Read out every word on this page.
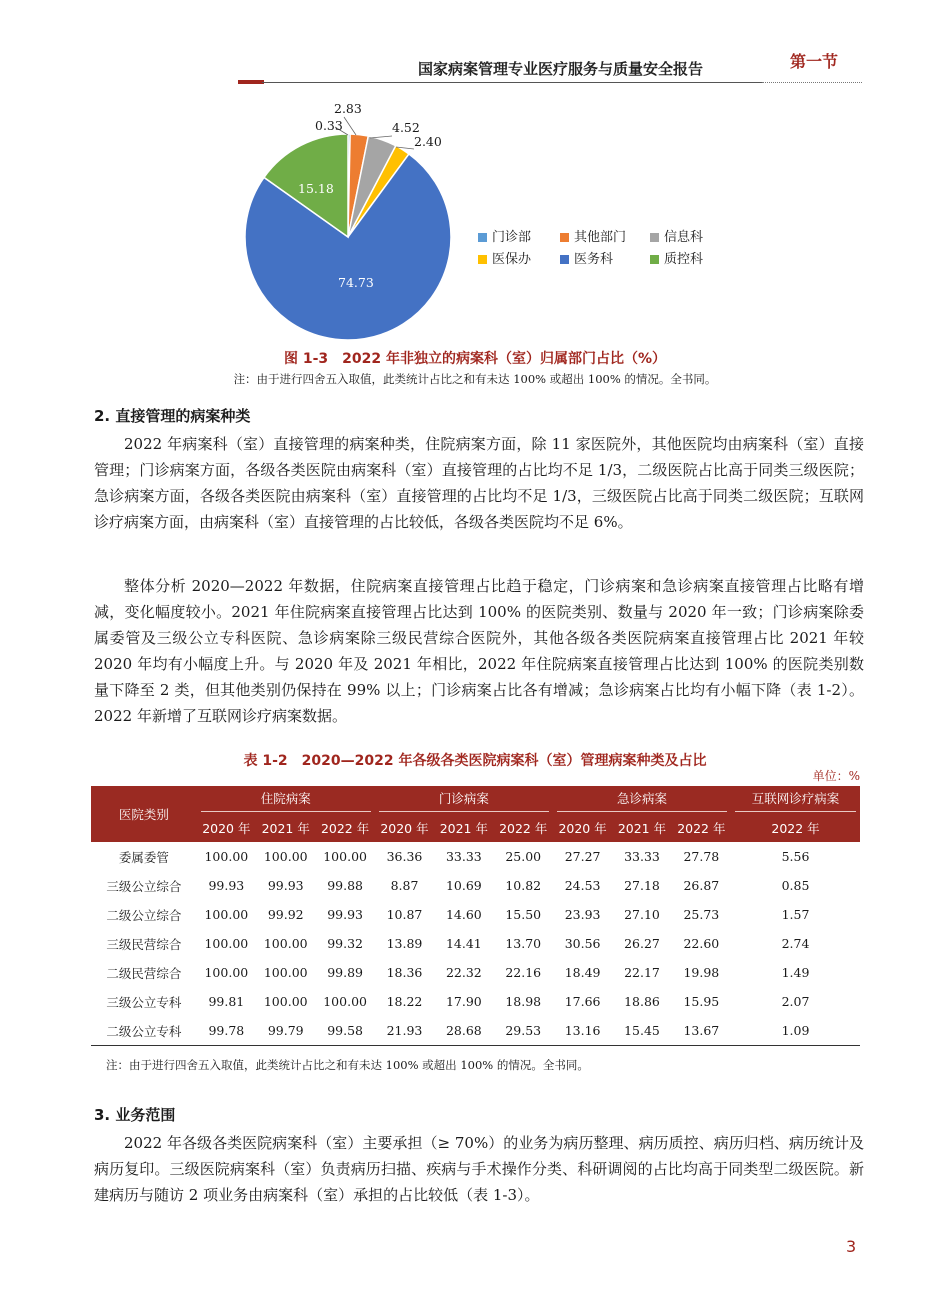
国家病案管理专业医疗服务与质量安全报告	第一节
0.33
2.83
4.52
2.40
74.73
15.18
门诊部	其他部门	信息科
医保办	医务科	质控科
图 1-3　2022 年非独立的病案科（室）归属部门占比（%）
注：由于进行四舍五入取值，此类统计占比之和有未达 100% 或超出 100% 的情况。全书同。
2. 直接管理的病案种类
2022 年病案科（室）直接管理的病案种类，住院病案方面，除 11 家医院外，其他医院均由病案科（室）直接管理；门诊病案方面，各级各类医院由病案科（室）直接管理的占比均不足 1/3，二级医院占比高于同类三级医院；急诊病案方面，各级各类医院由病案科（室）直接管理的占比均不足 1/3，三级医院占比高于同类二级医院；互联网诊疗病案方面，由病案科（室）直接管理的占比较低，各级各类医院均不足 6%。
整体分析 2020—2022 年数据，住院病案直接管理占比趋于稳定，门诊病案和急诊病案直接管理占比略有增减，变化幅度较小。2021 年住院病案直接管理占比达到 100% 的医院类别、数量与 2020 年一致；门诊病案除委属委管及三级公立专科医院、急诊病案除三级民营综合医院外，其他各级各类医院病案直接管理占比 2021 年较 2020 年均有小幅度上升。与 2020 年及 2021 年相比，2022 年住院病案直接管理占比达到 100% 的医院类别数量下降至 2 类，但其他类别仍保持在 99% 以上；门诊病案占比各有增减；急诊病案占比均有小幅下降（表 1-2）。2022 年新增了互联网诊疗病案数据。
表 1-2　2020—2022 年各级各类医院病案科（室）管理病案种类及占比
单位：%
医院类别	住院病案			门诊病案			急诊病案			互联网诊疗病案

	2020 年	2021 年	2022 年	2020 年	2021 年	2022 年	2020 年	2021 年	2022 年	2022 年
委属委管	100.00	100.00	100.00	36.36	33.33	25.00	27.27	33.33	27.78	5.56
三级公立综合	99.93	99.93	99.88	8.87	10.69	10.82	24.53	27.18	26.87	0.85
二级公立综合	100.00	99.92	99.93	10.87	14.60	15.50	23.93	27.10	25.73	1.57
三级民营综合	100.00	100.00	99.32	13.89	14.41	13.70	30.56	26.27	22.60	2.74
二级民营综合	100.00	100.00	99.89	18.36	22.32	22.16	18.49	22.17	19.98	1.49
三级公立专科	99.81	100.00	100.00	18.22	17.90	18.98	17.66	18.86	15.95	2.07
二级公立专科	99.78	99.79	99.58	21.93	28.68	29.53	13.16	15.45	13.67	1.09
注：由于进行四舍五入取值，此类统计占比之和有未达 100% 或超出 100% 的情况。全书同。
3. 业务范围
2022 年各级各类医院病案科（室）主要承担（≥ 70%）的业务为病历整理、病历质控、病历归档、病历统计及病历复印。三级医院病案科（室）负责病历扫描、疾病与手术操作分类、科研调阅的占比均高于同类型二级医院。新建病历与随访 2 项业务由病案科（室）承担的占比较低（表 1-3）。
3
